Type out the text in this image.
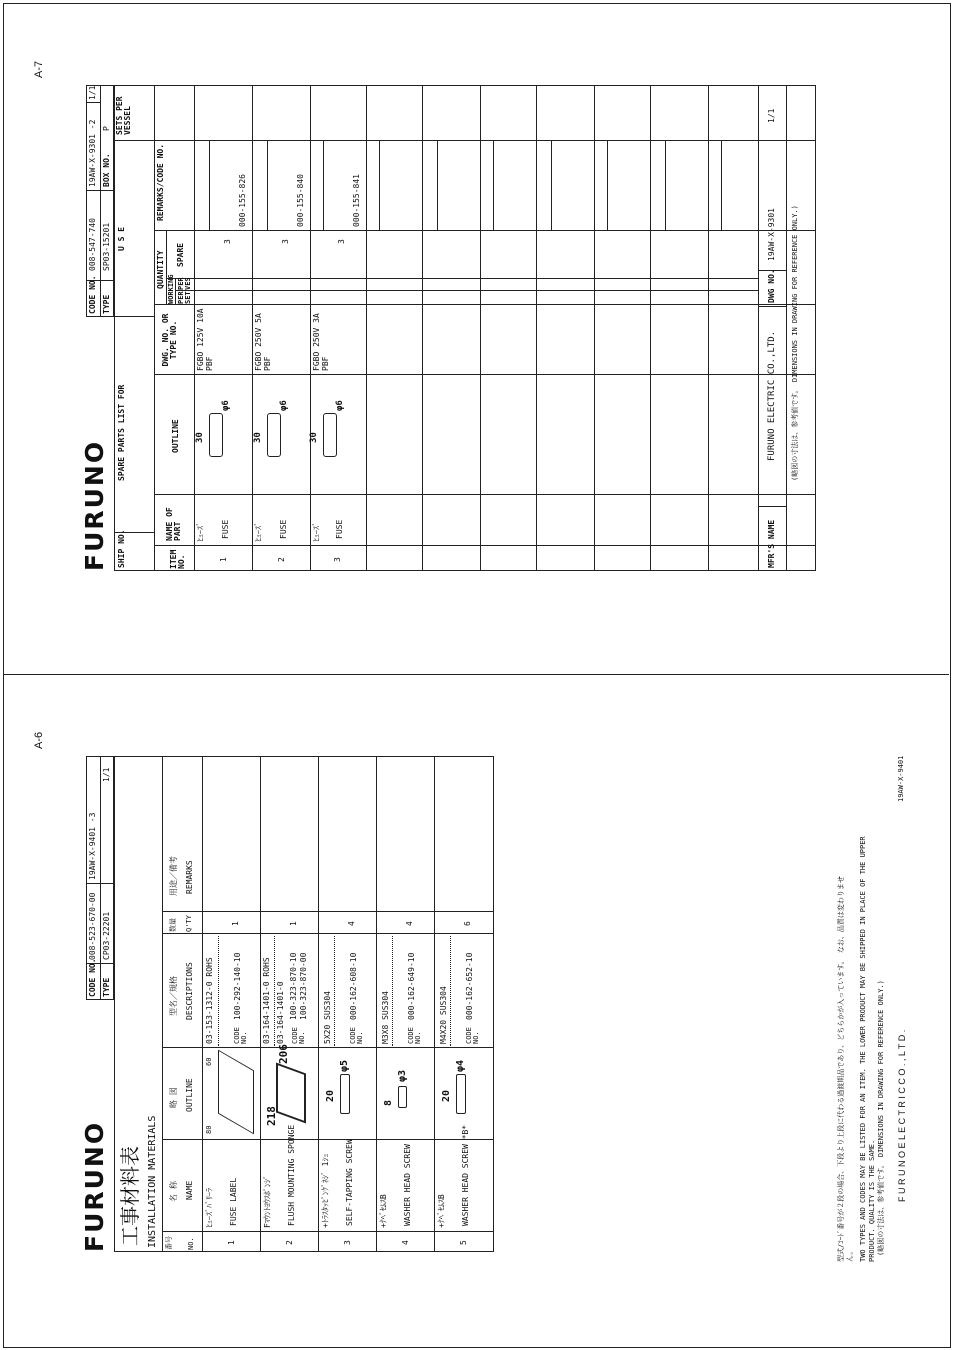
A-7
A-6
FURUNO
CODE NO.
008-547-740
19AW-X-9301 -2
1/1
TYPE
SP03-15201
BOX NO.
P
SHIP NO.
SPARE PARTS LIST FOR
U S E
SETS PER VESSEL
ITEM NO.
NAME OF PART
OUTLINE
DWG. NO. OR TYPE NO.
QUANTITY
WORKING PER SET
PER VES
SPARE
REMARKS/CODE NO.
1
ﾋｭｰｽﾞ FUSE
30
φ6
FGBO 125V 10A PBF
3
000-155-826
2
ﾋｭｰｽﾞ FUSE
30
φ6
FGBO 250V 5A PBF
3
000-155-840
3
ﾋｭｰｽﾞ FUSE
30
φ6
FGBO 250V 3A PBF
3
000-155-841
MFR'S NAME
FURUNO ELECTRIC CO.,LTD.
DWG NO.
19AW-X-9301
1/1
(略図の寸法は、参考値です。 DIMENSIONS IN DRAWING FOR REFERENCE ONLY.)
FURUNO
CODE NO.
008-523-670-00
19AW-X-9401 -3
TYPE
CP03-22201
1/1
工事材料表 INSTALLATION MATERIALS 番号 NO.
名 称 NAME
略 図 OUTLINE
型名／規格 DESCRIPTIONS
数量 Q'TY
用途／備考 REMARKS
1
ﾋｭｰｽﾞﾊﾞﾘｰﾗ FUSE LABEL
80
60
03-153-1312-0 ROHS	CODE NO.
100-292-140-10
1
2
Fﾏｳﾝﾄﾖｳｽﾎﾟﾝｼﾞ FLUSH MOUNTING SPONGE
218
206
03-164-1401-0 ROHS 03-164-1401-0 CODE NO.
100-323-870-10 100-323-870-00
1
3
+ﾄﾗｽﾀｯﾋﾟﾝｸﾞﾈｼﾞ 1ｼｭ SELF-TAPPING SCREW
20
φ5
5X20 SUS304 CODE NO.
000-162-608-10
4
4
+ﾅﾍﾞｾﾑｽB WASHER HEAD SCREW
8
φ3
M3X8 SUS304 CODE NO.
000-162-649-10
4
5
+ﾅﾍﾞｾﾑｽB WASHER HEAD SCREW *B*
20
φ4
M4X20 SUS304 CODE NO.
000-162-652-10
6	型式/ｺｰﾄﾞ番号が２段の場合、下段より上段に代わる過渡期品であり、どちらかが入っています。 なお、品質は変わりませ ん。 TWO TYPES AND CODES MAY BE LISTED FOR AN ITEM. THE LOWER PRODUCT MAY BE SHIPPED IN PLACE OF THE UPPER PRODUCT. QUALITY IS THE SAME. (略図の寸法は、参考値です。 DIMENSIONS IN DRAWING FOR REFERENCE ONLY.) F U R U N O E L E C T R I C C O . , L T D .
19AW-X-9401
